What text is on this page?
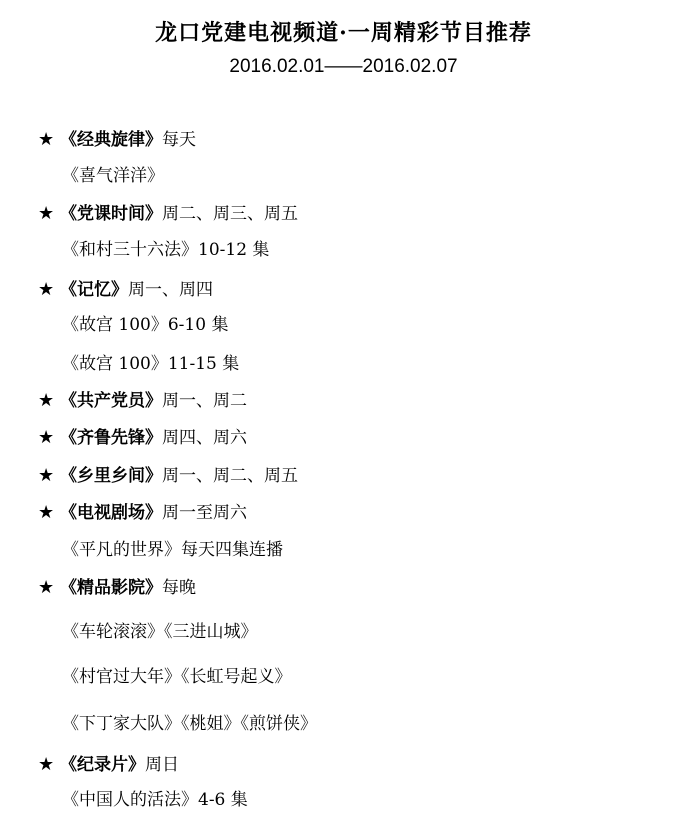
龙口党建电视频道·一周精彩节目推荐
2016.02.01——2016.02.07
★ 《经典旋律》每天
《喜气洋洋》
★ 《党课时间》周二、周三、周五
《和村三十六法》10-12 集
★ 《记忆》周一、周四
《故宫 100》6-10 集
《故宫 100》11-15 集
★ 《共产党员》周一、周二
★ 《齐鲁先锋》周四、周六
★ 《乡里乡间》周一、周二、周五
★ 《电视剧场》周一至周六
《平凡的世界》每天四集连播
★ 《精品影院》每晚
《车轮滚滚》《三进山城》
《村官过大年》《长虹号起义》
《下丁家大队》《桃姐》《煎饼侠》
★ 《纪录片》周日
《中国人的活法》4-6 集
